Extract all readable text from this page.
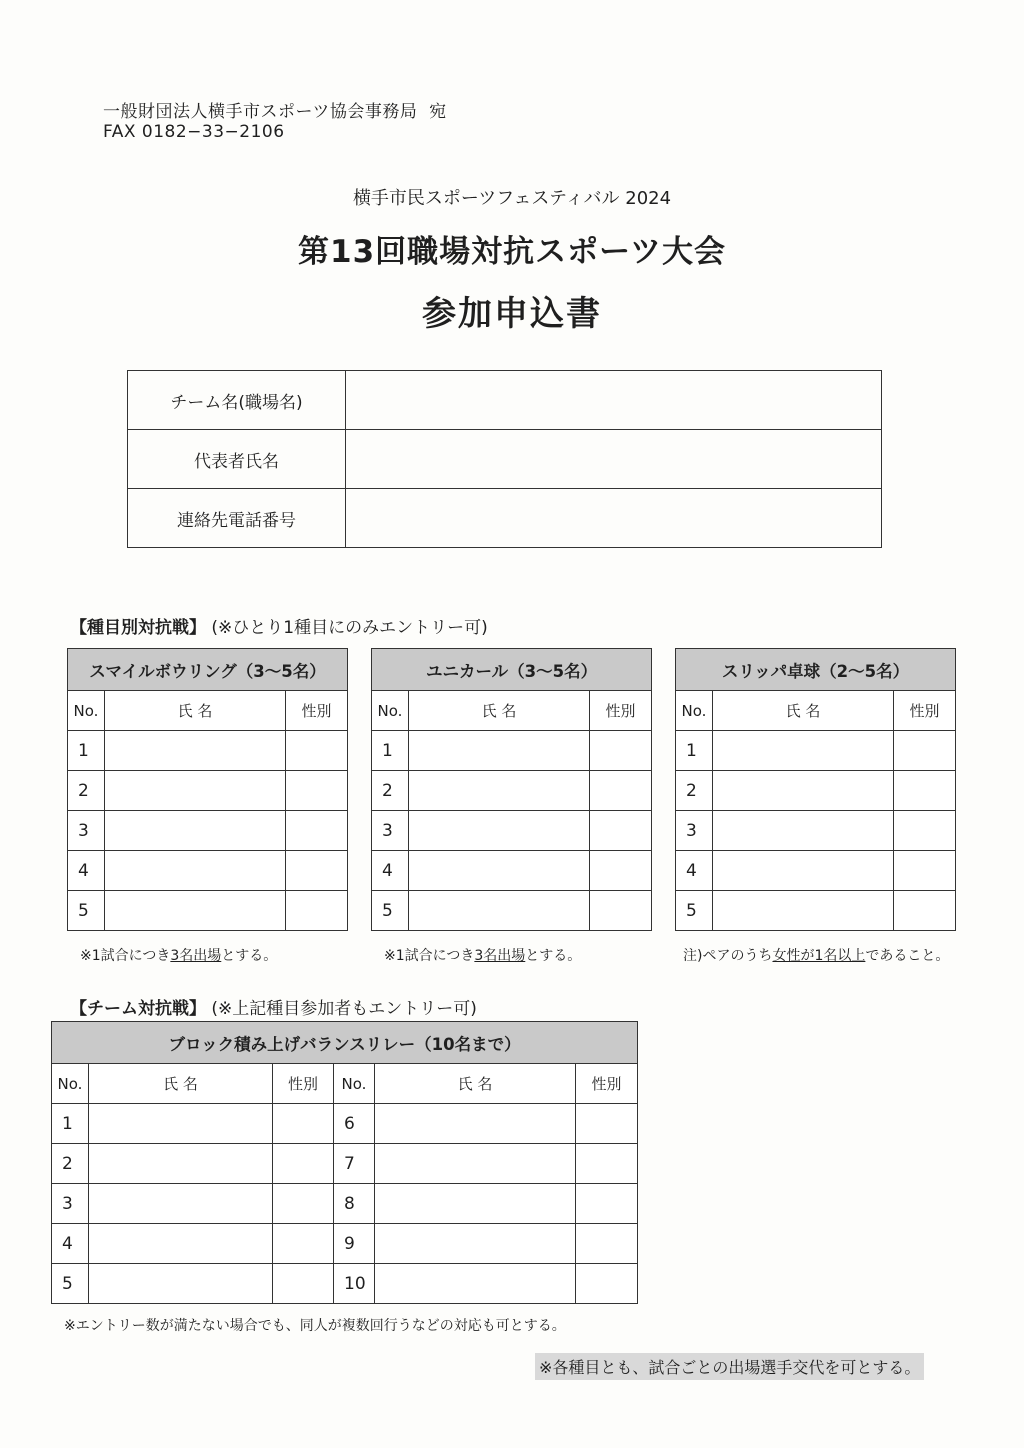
一般財団法人横手市スポーツ協会事務局 宛
FAX 0182−33−2106
横手市民スポーツフェスティバル 2024
第13回職場対抗スポーツ大会
参加申込書
チーム名(職場名)	
代表者氏名	
連絡先電話番号	
【種目別対抗戦】 (※ひとり1種目にのみエントリー可)
スマイルボウリング（3〜5名）		
No.	氏 名	性別
1		
2		
3		
4		
5		
※1試合につき3名出場とする。
ユニカール（3〜5名）		
No.	氏 名	性別
1		
2		
3		
4		
5		
※1試合につき3名出場とする。
スリッパ卓球（2〜5名）		
No.	氏 名	性別
1		
2		
3		
4		
5		
注)ペアのうち女性が1名以上であること。
【チーム対抗戦】 (※上記種目参加者もエントリー可)
ブロック積み上げバランスリレー（10名まで）					
No.	氏 名	性別	No.	氏 名	性別
1			6		
2			7		
3			8		
4			9		
5			10		
※エントリー数が満たない場合でも、同人が複数回行うなどの対応も可とする。
※各種目とも、試合ごとの出場選手交代を可とする。
